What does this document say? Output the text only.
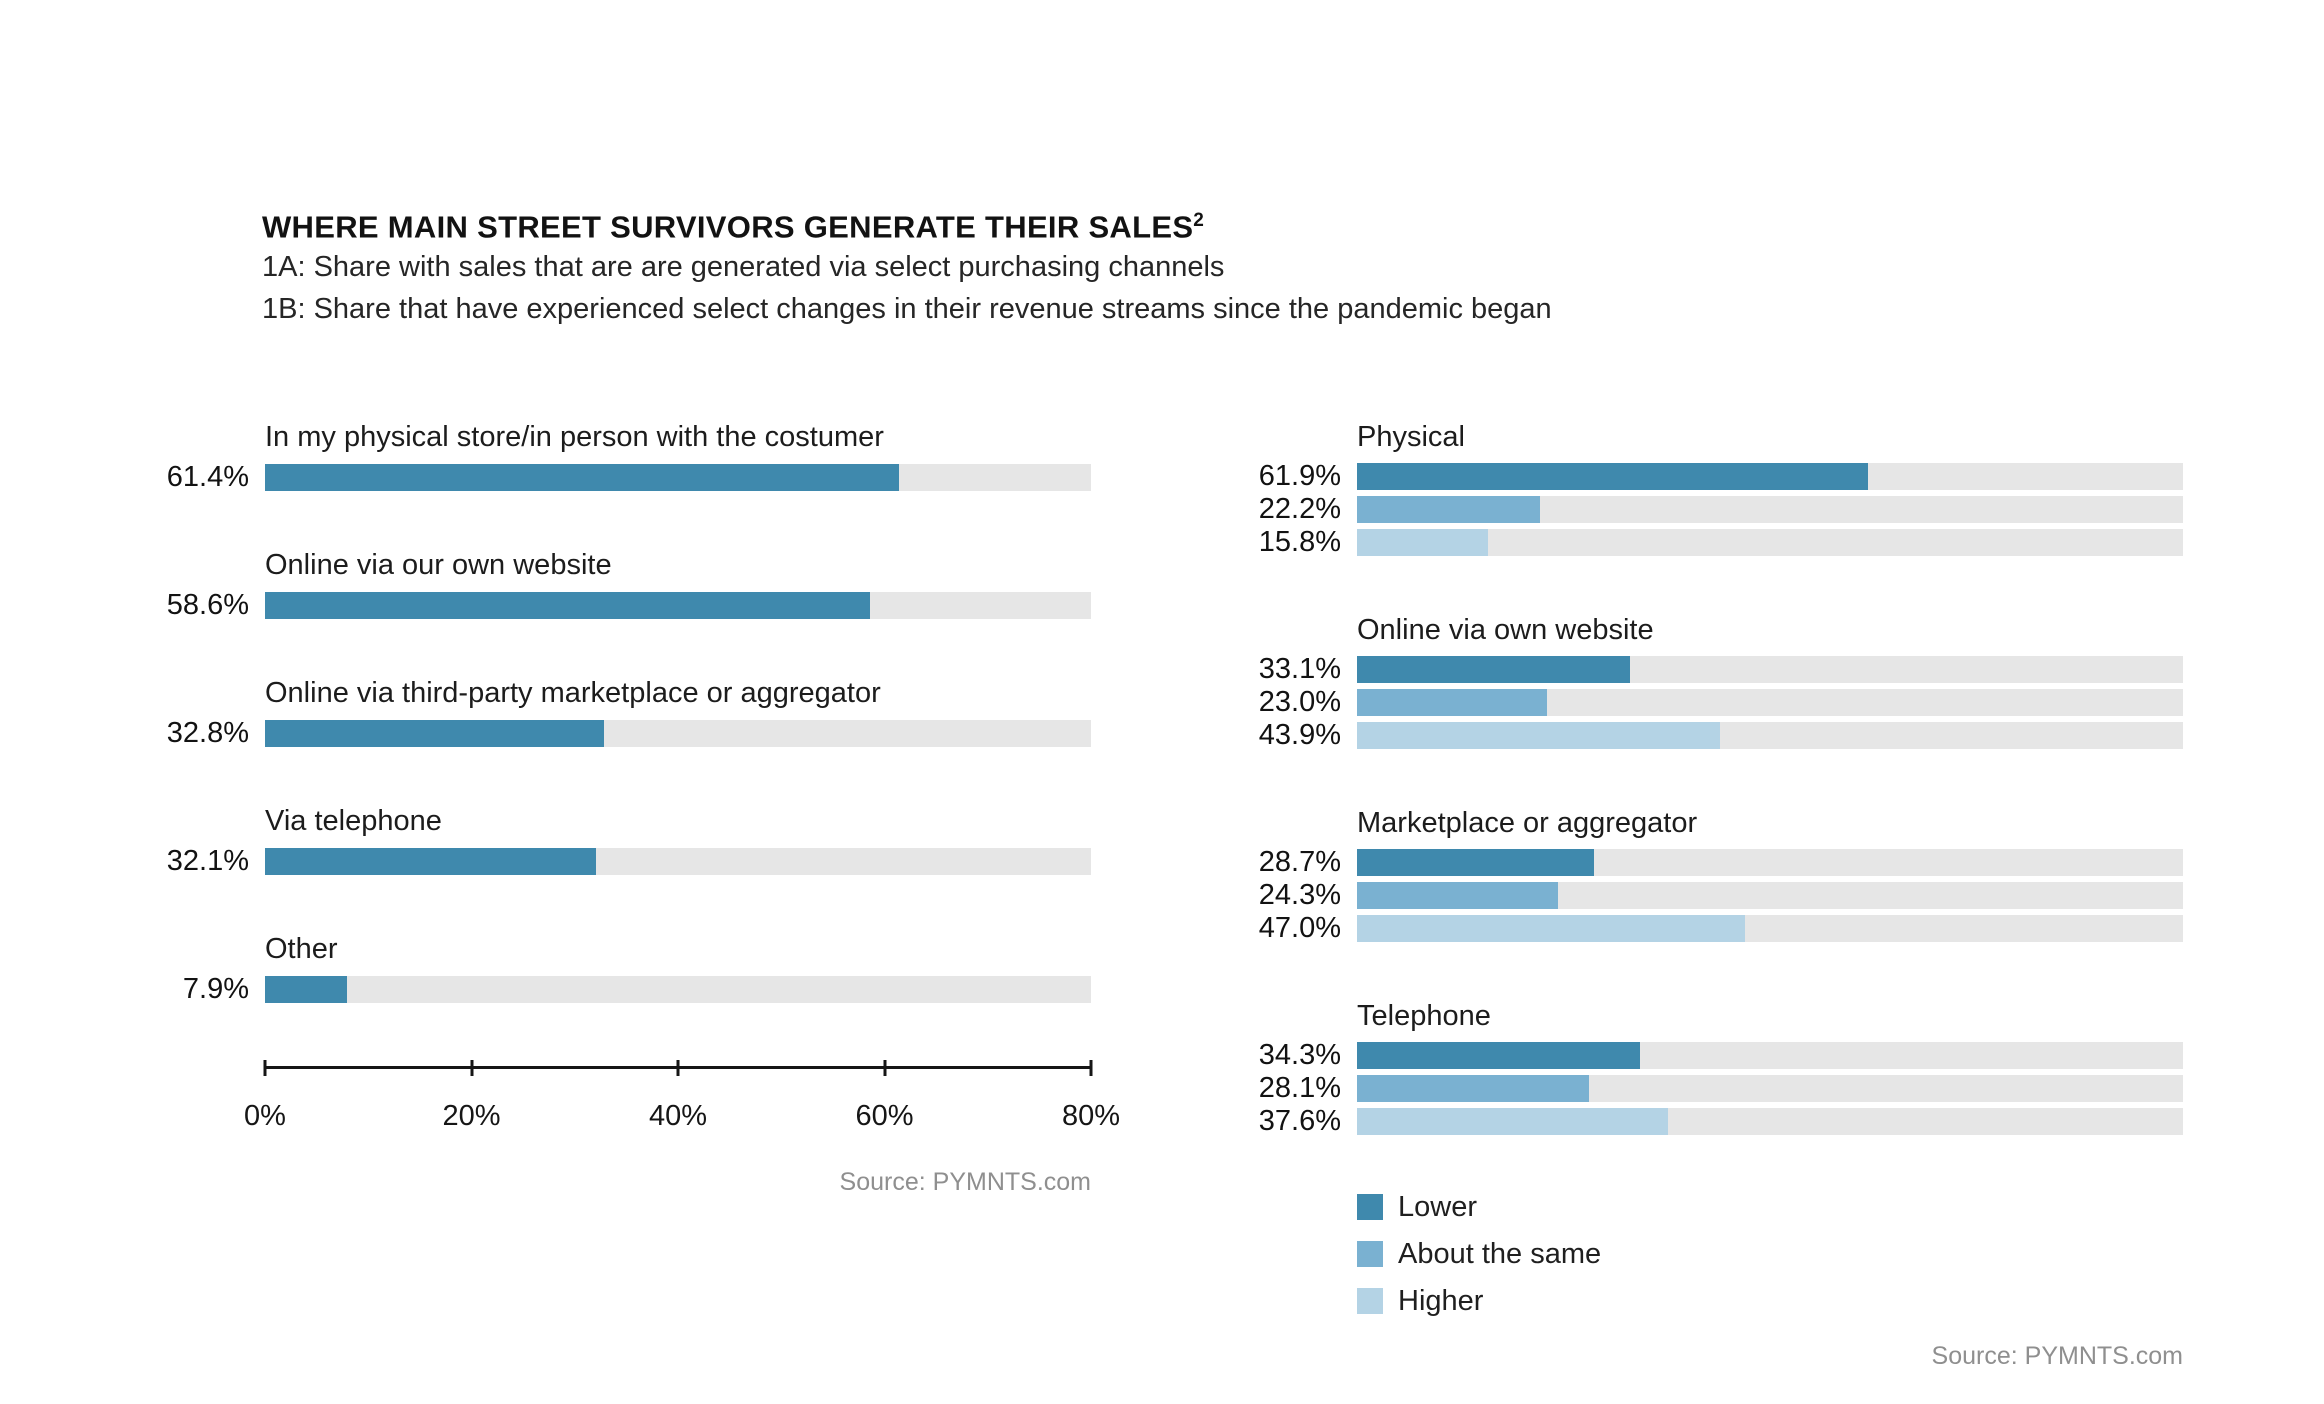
WHERE MAIN STREET SURVIVORS GENERATE THEIR SALES$^2$
1A: Share with sales that are are generated via select purchasing channels
1B: Share that have experienced select changes in their revenue streams since the pandemic began
In my physical store/in person with the costumer
61.4%
Online via our own website
58.6%
Online via third-party marketplace or aggregator
32.8%
Via telephone
32.1%
Other
7.9%
0%	20%	40%	60%	80%
Source: PYMNTS.com
Physical
61.9%
22.2%
15.8%
Online via own website
33.1%
23.0%
43.9%
Marketplace or aggregator
28.7%
24.3%
47.0%
Telephone
34.3%
28.1%
37.6%
Lower
About the same
Higher
Source: PYMNTS.com
